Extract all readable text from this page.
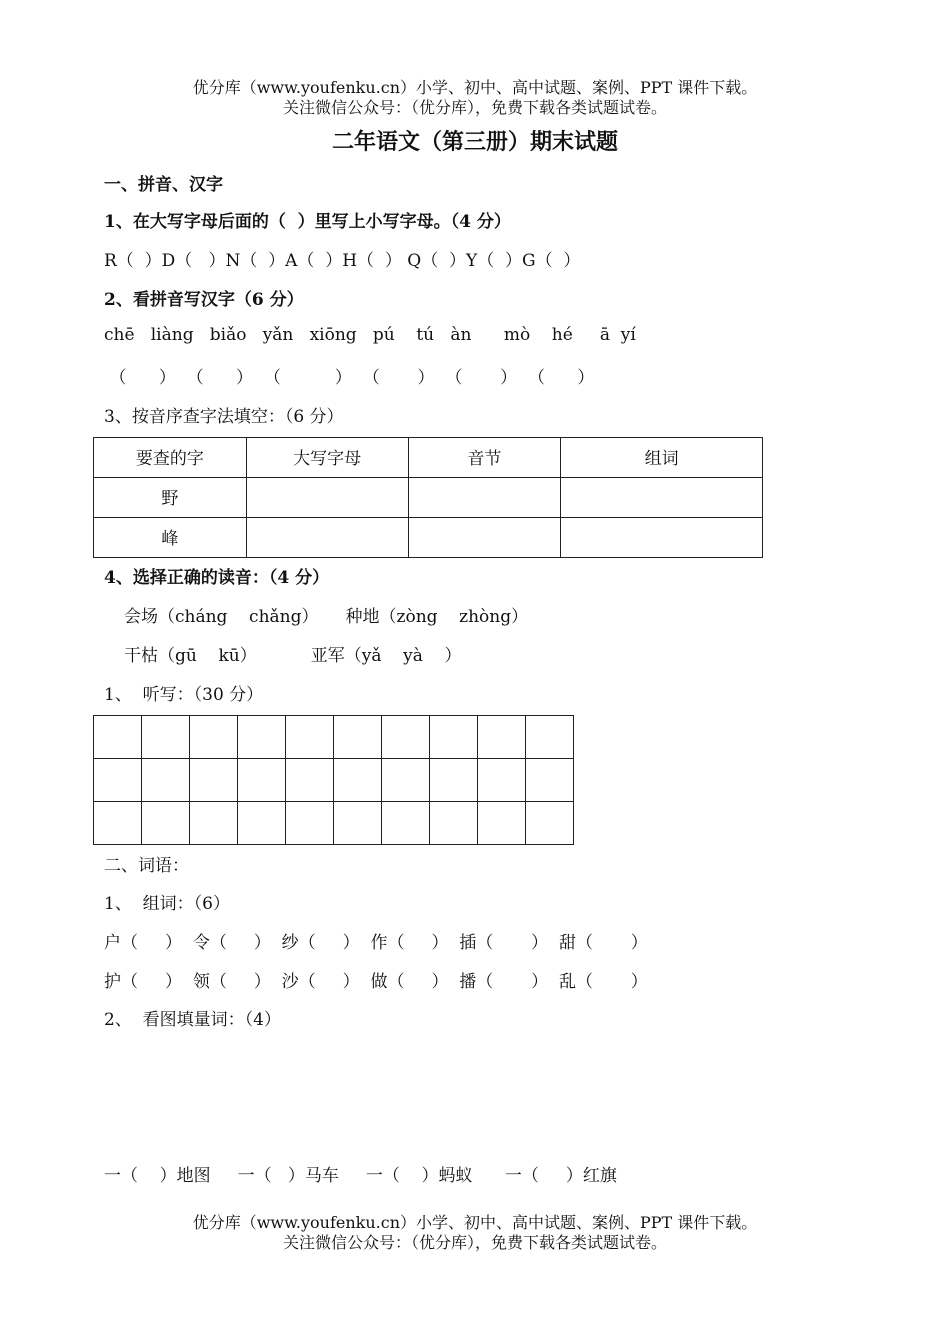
优分库（www.youfenku.cn）小学、初中、高中试题、案例、PPT 课件下载。
关注微信公众号：（优分库），免费下载各类试题试卷。
二年语文（第三册）期末试题
一、拼音、汉字
1、在大写字母后面的（  ）里写上小写字母。（4 分）
R（  ）D（   ）N（  ）A（  ）H（  ） Q（  ）Y（  ）G（  ）
2、看拼音写汉字（6 分）
chē   liàng   biǎo   yǎn   xiōng   pú    tú   àn      mò    hé     ā  yí
（      ）  （      ）  （          ）  （       ）  （       ）  （      ）
3、按音序查字法填空：（6 分）
要查的字	大写字母	音节	组词
野			
峰			
4、选择正确的读音：（4 分）
会场（cháng    chǎng）     种地（zòng    zhòng）
干枯（gū    kū）          亚军（yǎ    yà    ）
1、  听写：（30 分）

二、词语：
1、  组词：（6）
户（     ）  令（     ）  纱（     ）  作（     ）  插（       ）  甜（       ）
护（     ）  领（     ）  沙（     ）  做（     ）  播（       ）  乱（       ）
2、  看图填量词：（4）
一（    ）地图     一（   ）马车     一（    ）蚂蚁      一（     ）红旗
优分库（www.youfenku.cn）小学、初中、高中试题、案例、PPT 课件下载。
关注微信公众号：（优分库），免费下载各类试题试卷。
